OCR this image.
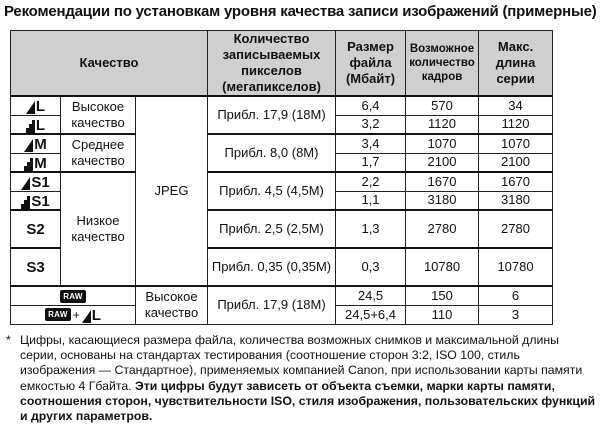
Рекомендации по установкам уровня качества записи изображений (примерные)
Качество			Количество записываемых пикселов (мегапикселов)	Размер файла (Мбайт)	Возможное количество кадров	Макс. длина серии

L	Высокое качество	JPEG	Прибл. 17,9 (18M)	6,4	570	34

L				3,2	1120	1120

M	Среднее качество		Прибл. 8,0 (8M)	3,4	1070	1070

M				1,7	2100	2100

S1	Низкое качество		Прибл. 4,5 (4,5M)	2,2	1670	1670

S1				1,1	3180	3180

S2			Прибл. 2,5 (2,5M)	1,3	2780	2780

S3			Прибл. 0,35 (0,35M)	0,3	10780	10780

RAW		Высокое качество	Прибл. 17,9 (18M)	24,5	150	6
RAW + L				24,5+6,4	110	3
* Цифры, касающиеся размера файла, количества возможных снимков и максимальной длины серии, основаны на стандартах тестирования (соотношение сторон 3:2, ISO 100, стиль изображения — Стандартное), применяемых компанией Canon, при использовании карты памяти емкостью 4 Гбайта. Эти цифры будут зависеть от объекта съемки, марки карты памяти, соотношения сторон, чувствительности ISO, стиля изображения, пользовательских функций и других параметров.
